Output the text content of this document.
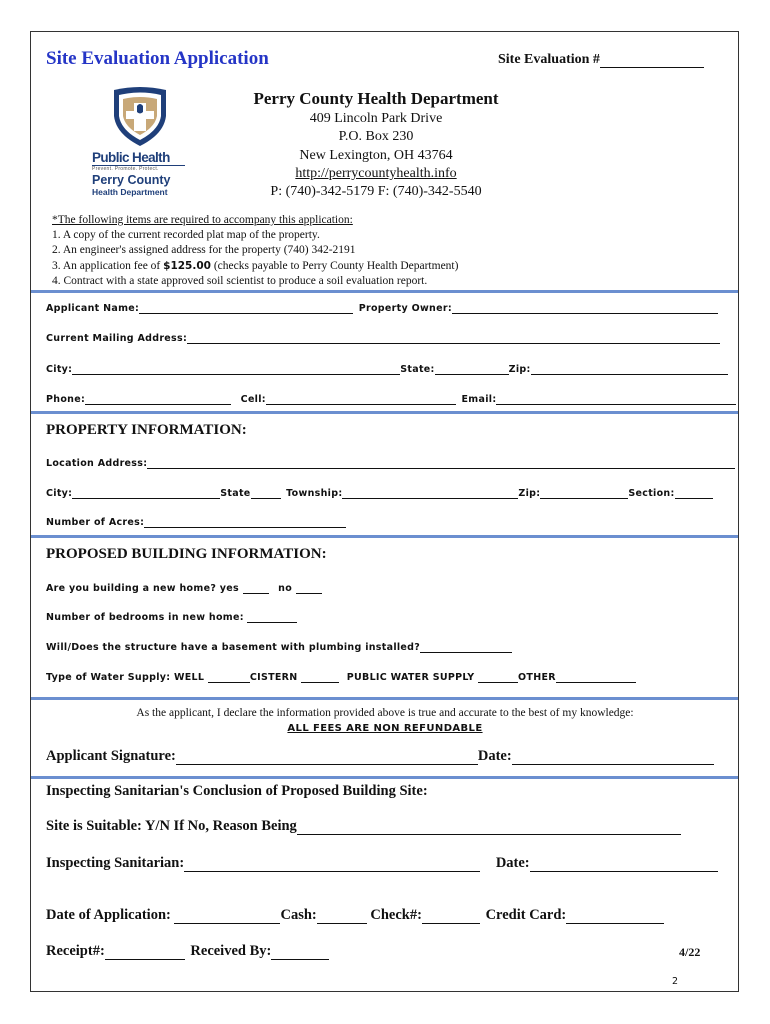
Site Evaluation Application	Site Evaluation #
Public Health
Prevent. Promote. Protect.
Perry County
Health Department
Perry County Health Department
409 Lincoln Park Drive
P.O. Box 230
New Lexington, OH 43764
http://perrycountyhealth.info
P: (740)-342-5179 F: (740)-342-5540
*The following items are required to accompany this application:
1. A copy of the current recorded plat map of the property.
2. An engineer's assigned address for the property (740) 342-2191
3. An application fee of $125.00 (checks payable to Perry County Health Department)
4. Contract with a state approved soil scientist to produce a soil evaluation report.
Applicant Name:	Property Owner:
Current Mailing Address:
City:	State:	Zip:
Phone:	Cell:	Email:
PROPERTY INFORMATION:
Location Address:
City:	State	Township:	Zip:	Section:
Number of Acres:
PROPOSED BUILDING INFORMATION:
Are you building a new home? yes	no
Number of bedrooms in new home:
Will/Does the structure have a basement with plumbing installed?
Type of Water Supply: WELL	CISTERN	PUBLIC WATER SUPPLY	OTHER
As the applicant, I declare the information provided above is true and accurate to the best of my knowledge:
ALL FEES ARE NON REFUNDABLE
Applicant Signature:	Date:
Inspecting Sanitarian's Conclusion of Proposed Building Site:
Site is Suitable: Y/N If No, Reason Being
Inspecting Sanitarian:	Date:
Date of Application:	Cash:	Check#:	Credit Card:
Receipt#:	Received By:	4/22
2
